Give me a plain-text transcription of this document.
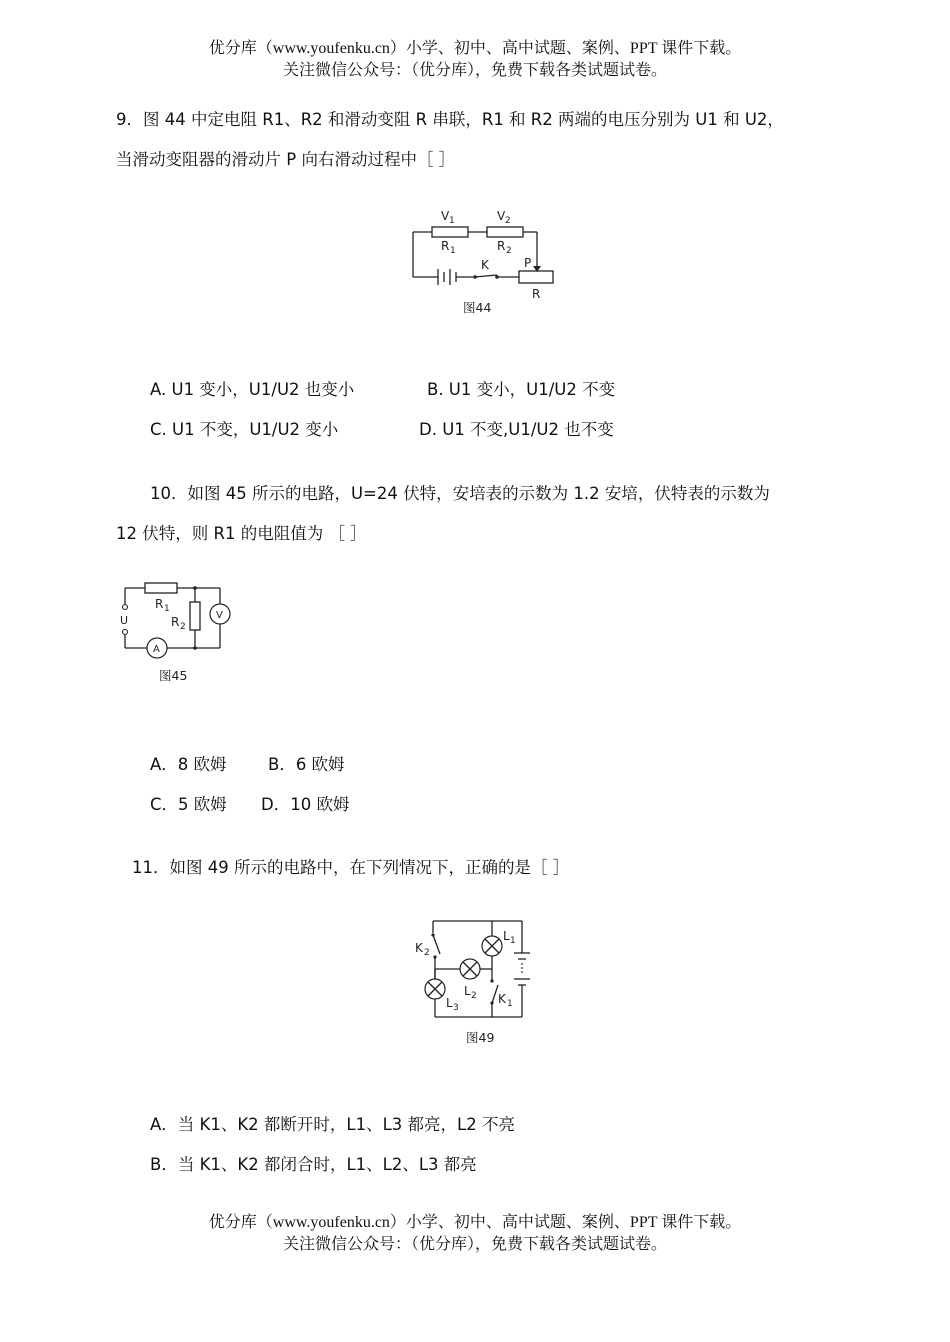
优分库（www.youfenku.cn）小学、初中、高中试题、案例、PPT 课件下载。
关注微信公众号：（优分库），免费下载各类试题试卷。
9．图 44 中定电阻 R1、R2 和滑动变阻 R 串联，R1 和 R2 两端的电压分别为 U1 和 U2，
当滑动变阻器的滑动片 P 向右滑动过程中［ ］
V 1	V 2
R 1	R 2
K	P
R
图44
A. U1 变小，U1/U2 也变小	B. U1 变小，U1/U2 不变
C. U1 不变，U1/U2 变小	D. U1 不变,U1/U2 也不变
10．如图 45 所示的电路，U=24 伏特，安培表的示数为 1.2 安培，伏特表的示数为
12 伏特，则 R1 的电阻值为 ［ ］
R 1
R 2
U	V
A
图45
A．8 欧姆	B．6 欧姆
C．5 欧姆 D．10 欧姆
11．如图 49 所示的电路中，在下列情况下，正确的是［ ］
K 2
L 1
L 2
L 3
K 1
图49
A．当 K1、K2 都断开时，L1、L3 都亮，L2 不亮
B．当 K1、K2 都闭合时，L1、L2、L3 都亮
优分库（www.youfenku.cn）小学、初中、高中试题、案例、PPT 课件下载。
关注微信公众号：（优分库），免费下载各类试题试卷。
